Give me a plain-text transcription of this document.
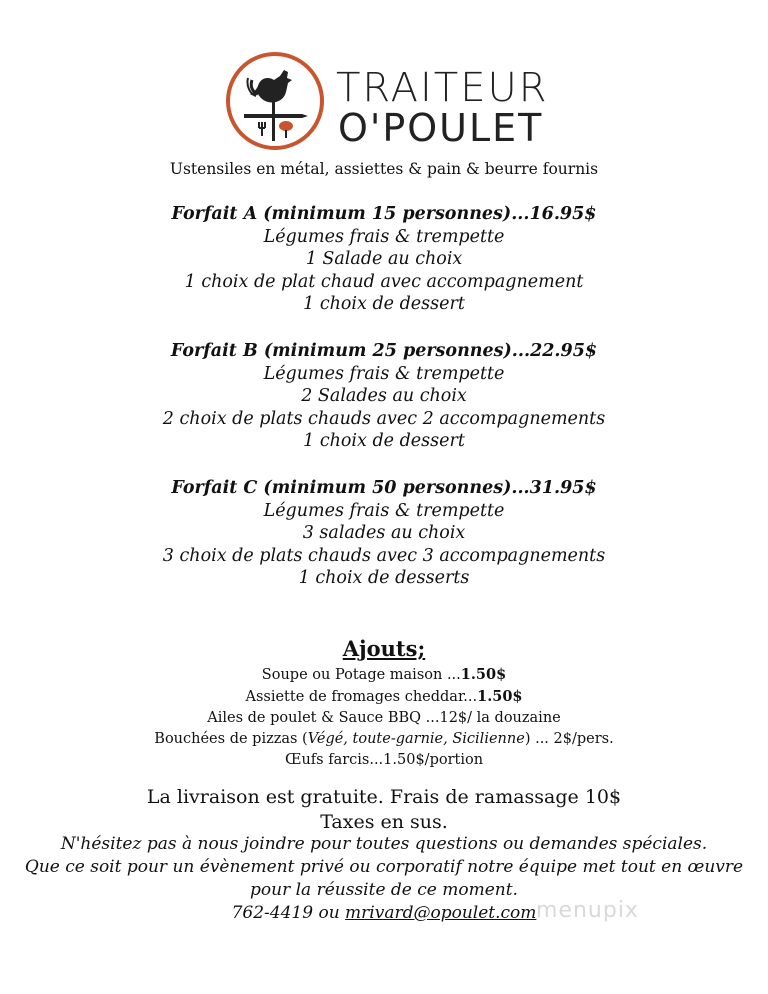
TRAITEUR
O'POULET
Ustensiles en métal, assiettes & pain & beurre fournis
Forfait A (minimum 15 personnes)...16.95$
Légumes frais & trempette
1 Salade au choix
1 choix de plat chaud avec accompagnement
1 choix de dessert
Forfait B (minimum 25 personnes)...22.95$
Légumes frais & trempette
2 Salades au choix
2 choix de plats chauds avec 2 accompagnements
1 choix de dessert
Forfait C (minimum 50 personnes)...31.95$
Légumes frais & trempette
3 salades au choix
3 choix de plats chauds avec 3 accompagnements
1 choix de desserts
Ajouts;
Soupe ou Potage maison ...1.50$
Assiette de fromages cheddar...1.50$
Ailes de poulet & Sauce BBQ ...12$/ la douzaine
Bouchées de pizzas (Végé, toute-garnie, Sicilienne) ... 2$/pers.
Œufs farcis...1.50$/portion
La livraison est gratuite. Frais de ramassage 10$
Taxes en sus.
N'hésitez pas à nous joindre pour toutes questions ou demandes spéciales.
Que ce soit pour un évènement privé ou corporatif notre équipe met tout en œuvre
pour la réussite de ce moment.
762-4419 ou mrivard@opoulet.com menupix
